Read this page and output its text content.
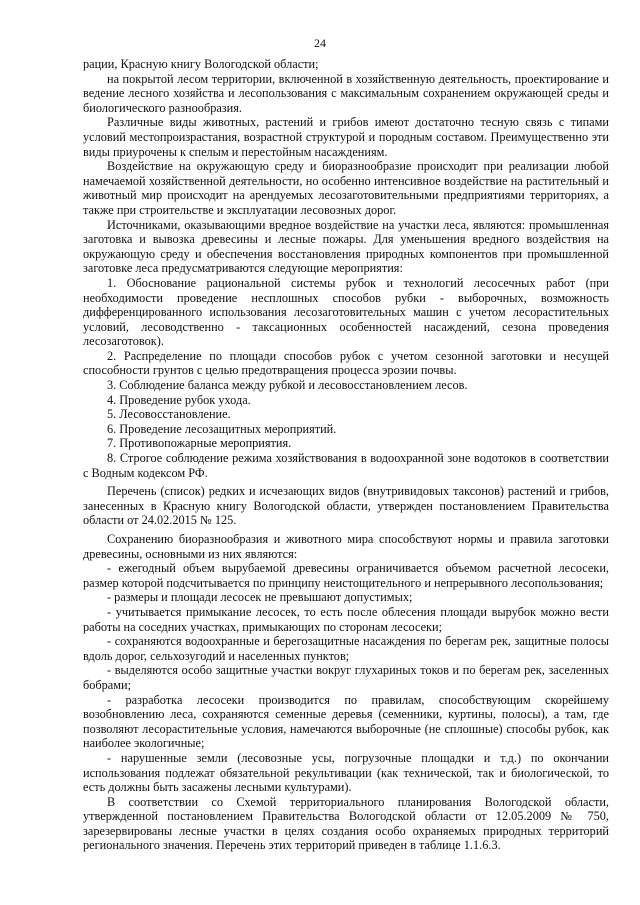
24

рации, Красную книгу Вологодской области;

на покрытой лесом территории, включенной в хозяйственную деятельность, проектирование и ведение лесного хозяйства и лесопользования с максимальным сохранением окружающей среды и биологического разнообразия.

Различные виды животных, растений и грибов имеют достаточно тесную связь с типами условий местопроизрастания, возрастной структурой и породным составом. Преимущественно эти виды приурочены к спелым и перестойным насаждениям.

Воздействие на окружающую среду и биоразнообразие происходит при реализации любой намечаемой хозяйственной деятельности, но особенно интенсивное воздействие на растительный и животный мир происходит на арендуемых лесозаготовительными предприятиями территориях, а также при строительстве и эксплуатации лесовозных дорог.

Источниками, оказывающими вредное воздействие на участки леса, являются: промышленная заготовка и вывозка древесины и лесные пожары. Для уменьшения вредного воздействия на окружающую среду и обеспечения восстановления природных компонентов при промышленной заготовке леса предусматриваются следующие мероприятия:

1. Обоснование рациональной системы рубок и технологий лесосечных работ (при необходимости проведение несплошных способов рубки - выборочных, возможность дифференцированного использования лесозаготовительных машин с учетом лесорастительных условий, лесоводственно - таксационных особенностей насаждений, сезона проведения лесозаготовок).

2. Распределение по площади способов рубок с учетом сезонной заготовки и несущей способности грунтов с целью предотвращения процесса эрозии почвы.

3. Соблюдение баланса между рубкой и лесовосстановлением лесов.

4. Проведение рубок ухода.

5. Лесовосстановление.

6. Проведение лесозащитных мероприятий.

7. Противопожарные мероприятия.

8. Строгое соблюдение режима хозяйствования в водоохранной зоне водотоков в соответствии с Водным кодексом РФ.

Перечень (список) редких и исчезающих видов (внутривидовых таксонов) растений и грибов, занесенных в Красную книгу Вологодской области, утвержден постановлением Правительства области от 24.02.2015 № 125.

Сохранению биоразнообразия и животного мира способствуют нормы и правила заготовки древесины, основными из них являются:

- ежегодный объем вырубаемой древесины ограничивается объемом расчетной лесосеки, размер которой подсчитывается по принципу неистощительного и непрерывного лесопользования;

- размеры и площади лесосек не превышают допустимых;

- учитывается примыкание лесосек, то есть после облесения площади вырубок можно вести работы на соседних участках, примыкающих по сторонам лесосеки;

- сохраняются водоохранные и берегозащитные насаждения по берегам рек, защитные полосы вдоль дорог, сельхозугодий и населенных пунктов;

- выделяются особо защитные участки вокруг глухариных токов и по берегам рек, заселенных бобрами;

- разработка лесосеки производится по правилам, способствующим скорейшему возобновлению леса, сохраняются семенные деревья (семенники, куртины, полосы), а там, где позволяют лесорастительные условия, намечаются выборочные (не сплошные) способы рубок, как наиболее экологичные;

- нарушенные земли (лесовозные усы, погрузочные площадки и т.д.) по окончании использования подлежат обязательной рекультивации (как технической, так и биологической, то есть должны быть засажены лесными культурами).

В соответствии со Схемой территориального планирования Вологодской области, утвержденной постановлением Правительства Вологодской области от 12.05.2009 № 750, зарезервированы лесные участки в целях создания особо охраняемых природных территорий регионального значения. Перечень этих территорий приведен в таблице 1.1.6.3.
